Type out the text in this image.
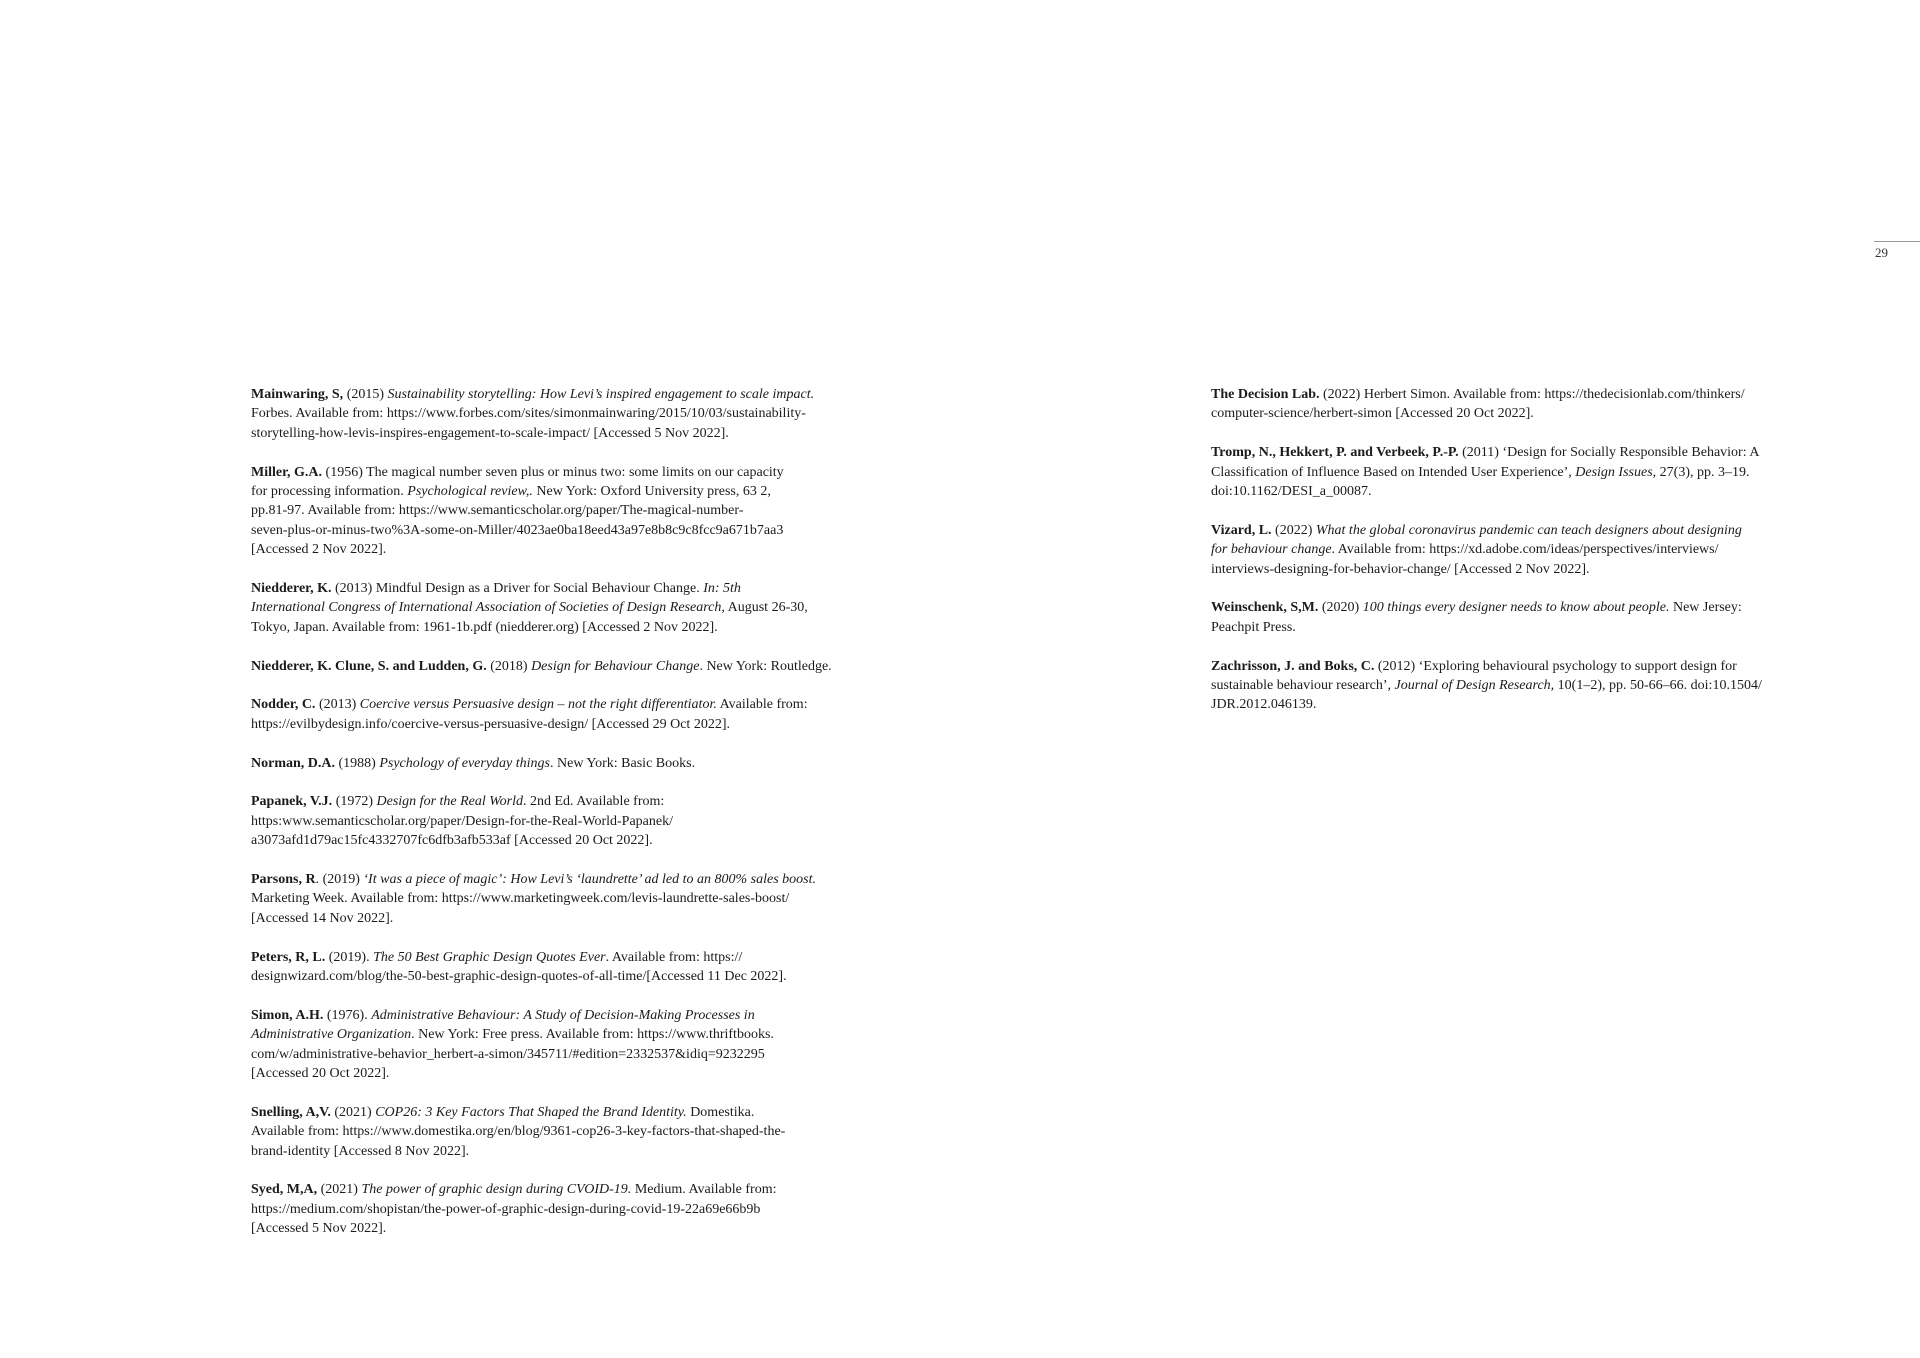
29

Mainwaring, S, (2015) Sustainability storytelling: How Levi’s inspired engagement to scale impact.
Forbes. Available from: https://www.forbes.com/sites/simonmainwaring/2015/10/03/sustainability-
storytelling-how-levis-inspires-engagement-to-scale-impact/ [Accessed 5 Nov 2022].

Miller, G.A. (1956) The magical number seven plus or minus two: some limits on our capacity
for processing information. Psychological review,. New York: Oxford University press, 63 2,
pp.81-97. Available from: https://www.semanticscholar.org/paper/The-magical-number-
seven-plus-or-minus-two%3A-some-on-Miller/4023ae0ba18eed43a97e8b8c9c8fcc9a671b7aa3
[Accessed 2 Nov 2022].

Niedderer, K. (2013) Mindful Design as a Driver for Social Behaviour Change. In: 5th
International Congress of International Association of Societies of Design Research, August 26-30,
Tokyo, Japan. Available from: 1961-1b.pdf (niedderer.org) [Accessed 2 Nov 2022].

Niedderer, K. Clune, S. and Ludden, G. (2018) Design for Behaviour Change. New York: Routledge.

Nodder, C. (2013) Coercive versus Persuasive design – not the right differentiator. Available from:
https://evilbydesign.info/coercive-versus-persuasive-design/ [Accessed 29 Oct 2022].

Norman, D.A. (1988) Psychology of everyday things. New York: Basic Books.

Papanek, V.J. (1972) Design for the Real World. 2nd Ed. Available from:
https:www.semanticscholar.org/paper/Design-for-the-Real-World-Papanek/
a3073afd1d79ac15fc4332707fc6dfb3afb533af [Accessed 20 Oct 2022].

Parsons, R. (2019) ‘It was a piece of magic’: How Levi’s ‘laundrette’ ad led to an 800% sales boost.
Marketing Week. Available from: https://www.marketingweek.com/levis-laundrette-sales-boost/
[Accessed 14 Nov 2022].

Peters, R, L. (2019). The 50 Best Graphic Design Quotes Ever. Available from: https://
designwizard.com/blog/the-50-best-graphic-design-quotes-of-all-time/[Accessed 11 Dec 2022].

Simon, A.H. (1976). Administrative Behaviour: A Study of Decision-Making Processes in
Administrative Organization. New York: Free press. Available from: https://www.thriftbooks.
com/w/administrative-behavior_herbert-a-simon/345711/#edition=2332537&idiq=9232295
[Accessed 20 Oct 2022].

Snelling, A,V. (2021) COP26: 3 Key Factors That Shaped the Brand Identity. Domestika.
Available from: https://www.domestika.org/en/blog/9361-cop26-3-key-factors-that-shaped-the-
brand-identity [Accessed 8 Nov 2022].

Syed, M,A, (2021) The power of graphic design during CVOID-19. Medium. Available from:
https://medium.com/shopistan/the-power-of-graphic-design-during-covid-19-22a69e66b9b
[Accessed 5 Nov 2022].

The Decision Lab. (2022) Herbert Simon. Available from: https://thedecisionlab.com/thinkers/
computer-science/herbert-simon [Accessed 20 Oct 2022].

Tromp, N., Hekkert, P. and Verbeek, P.-P. (2011) ‘Design for Socially Responsible Behavior: A
Classification of Influence Based on Intended User Experience’, Design Issues, 27(3), pp. 3–19.
doi:10.1162/DESI_a_00087.

Vizard, L. (2022) What the global coronavirus pandemic can teach designers about designing
for behaviour change. Available from: https://xd.adobe.com/ideas/perspectives/interviews/
interviews-designing-for-behavior-change/ [Accessed 2 Nov 2022].

Weinschenk, S,M. (2020) 100 things every designer needs to know about people. New Jersey:
Peachpit Press.

Zachrisson, J. and Boks, C. (2012) ‘Exploring behavioural psychology to support design for
sustainable behaviour research’, Journal of Design Research, 10(1–2), pp. 50-66–66. doi:10.1504/
JDR.2012.046139.
